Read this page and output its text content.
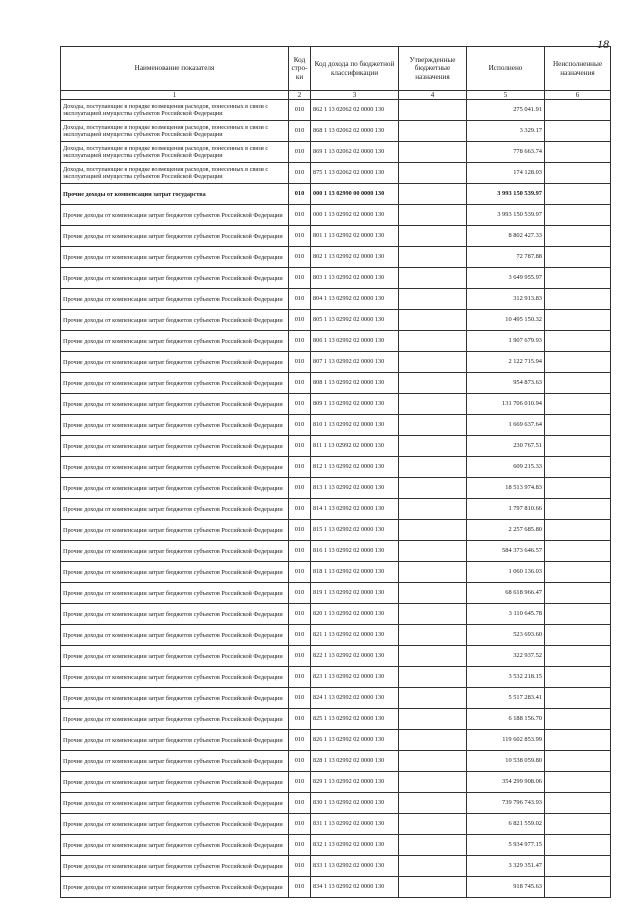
18
Наименование показателя	Код стро-ки	Код дохода по бюджетной классификации	Утвержденные бюджетные назначения	Исполнено	Неисполненные назначения
1	2	3	4	5	6
Доходы, поступающие в порядке возмещения расходов, понесенных в связи с эксплуатацией имущества субъектов Российской Федерации	010	862 1 13 02062 02 0000 130		275 041.91	
Доходы, поступающие в порядке возмещения расходов, понесенных в связи с эксплуатацией имущества субъектов Российской Федерации	010	868 1 13 02062 02 0000 130		3 329.17	
Доходы, поступающие в порядке возмещения расходов, понесенных в связи с эксплуатацией имущества субъектов Российской Федерации	010	869 1 13 02062 02 0000 130		778 663.74	
Доходы, поступающие в порядке возмещения расходов, понесенных в связи с эксплуатацией имущества субъектов Российской Федерации	010	875 1 13 02062 02 0000 130		174 128.03	
Прочие доходы от компенсации затрат государства	010	000 1 13 02990 00 0000 130		3 993 150 539.97	
Прочие доходы от компенсации затрат бюджетов субъектов Российской Федерации	010	000 1 13 02992 02 0000 130		3 993 150 539.97	
Прочие доходы от компенсации затрат бюджетов субъектов Российской Федерации	010	801 1 13 02992 02 0000 130		8 802 427.33	
Прочие доходы от компенсации затрат бюджетов субъектов Российской Федерации	010	802 1 13 02992 02 0000 130		72 787.88	
Прочие доходы от компенсации затрат бюджетов субъектов Российской Федерации	010	803 1 13 02992 02 0000 130		3 649 955.97	
Прочие доходы от компенсации затрат бюджетов субъектов Российской Федерации	010	804 1 13 02992 02 0000 130		312 913.83	
Прочие доходы от компенсации затрат бюджетов субъектов Российской Федерации	010	805 1 13 02992 02 0000 130		10 495 150.32	
Прочие доходы от компенсации затрат бюджетов субъектов Российской Федерации	010	806 1 13 02992 02 0000 130		1 907 679.93	
Прочие доходы от компенсации затрат бюджетов субъектов Российской Федерации	010	807 1 13 02992 02 0000 130		2 122 715.94	
Прочие доходы от компенсации затрат бюджетов субъектов Российской Федерации	010	808 1 13 02992 02 0000 130		954 873.63	
Прочие доходы от компенсации затрат бюджетов субъектов Российской Федерации	010	809 1 13 02992 02 0000 130		131 706 010.94	
Прочие доходы от компенсации затрат бюджетов субъектов Российской Федерации	010	810 1 13 02992 02 0000 130		1 669 637.64	
Прочие доходы от компенсации затрат бюджетов субъектов Российской Федерации	010	811 1 13 02992 02 0000 130		230 767.51	
Прочие доходы от компенсации затрат бюджетов субъектов Российской Федерации	010	812 1 13 02992 02 0000 130		609 215.33	
Прочие доходы от компенсации затрат бюджетов субъектов Российской Федерации	010	813 1 13 02992 02 0000 130		18 513 974.83	
Прочие доходы от компенсации затрат бюджетов субъектов Российской Федерации	010	814 1 13 02992 02 0000 130		1 797 810.66	
Прочие доходы от компенсации затрат бюджетов субъектов Российской Федерации	010	815 1 13 02992 02 0000 130		2 257 685.80	
Прочие доходы от компенсации затрат бюджетов субъектов Российской Федерации	010	816 1 13 02992 02 0000 130		584 373 646.57	
Прочие доходы от компенсации затрат бюджетов субъектов Российской Федерации	010	818 1 13 02992 02 0000 130		1 060 136.03	
Прочие доходы от компенсации затрат бюджетов субъектов Российской Федерации	010	819 1 13 02992 02 0000 130		68 618 966.47	
Прочие доходы от компенсации затрат бюджетов субъектов Российской Федерации	010	820 1 13 02992 02 0000 130		3 110 645.78	
Прочие доходы от компенсации затрат бюджетов субъектов Российской Федерации	010	821 1 13 02992 02 0000 130		523 693.60	
Прочие доходы от компенсации затрат бюджетов субъектов Российской Федерации	010	822 1 13 02992 02 0000 130		322 937.52	
Прочие доходы от компенсации затрат бюджетов субъектов Российской Федерации	010	823 1 13 02992 02 0000 130		3 532 218.15	
Прочие доходы от компенсации затрат бюджетов субъектов Российской Федерации	010	824 1 13 02992 02 0000 130		5 517 283.41	
Прочие доходы от компенсации затрат бюджетов субъектов Российской Федерации	010	825 1 13 02992 02 0000 130		6 188 156.70	
Прочие доходы от компенсации затрат бюджетов субъектов Российской Федерации	010	826 1 13 02992 02 0000 130		119 602 853.99	
Прочие доходы от компенсации затрат бюджетов субъектов Российской Федерации	010	828 1 13 02992 02 0000 130		10 538 059.80	
Прочие доходы от компенсации затрат бюджетов субъектов Российской Федерации	010	829 1 13 02992 02 0000 130		354 299 908.06	
Прочие доходы от компенсации затрат бюджетов субъектов Российской Федерации	010	830 1 13 02992 02 0000 130		739 796 743.93	
Прочие доходы от компенсации затрат бюджетов субъектов Российской Федерации	010	831 1 13 02992 02 0000 130		6 821 559.02	
Прочие доходы от компенсации затрат бюджетов субъектов Российской Федерации	010	832 1 13 02992 02 0000 130		5 934 977.15	
Прочие доходы от компенсации затрат бюджетов субъектов Российской Федерации	010	833 1 13 02992 02 0000 130		3 329 351.47	
Прочие доходы от компенсации затрат бюджетов субъектов Российской Федерации	010	834 1 13 02992 02 0000 130		918 745.63	
